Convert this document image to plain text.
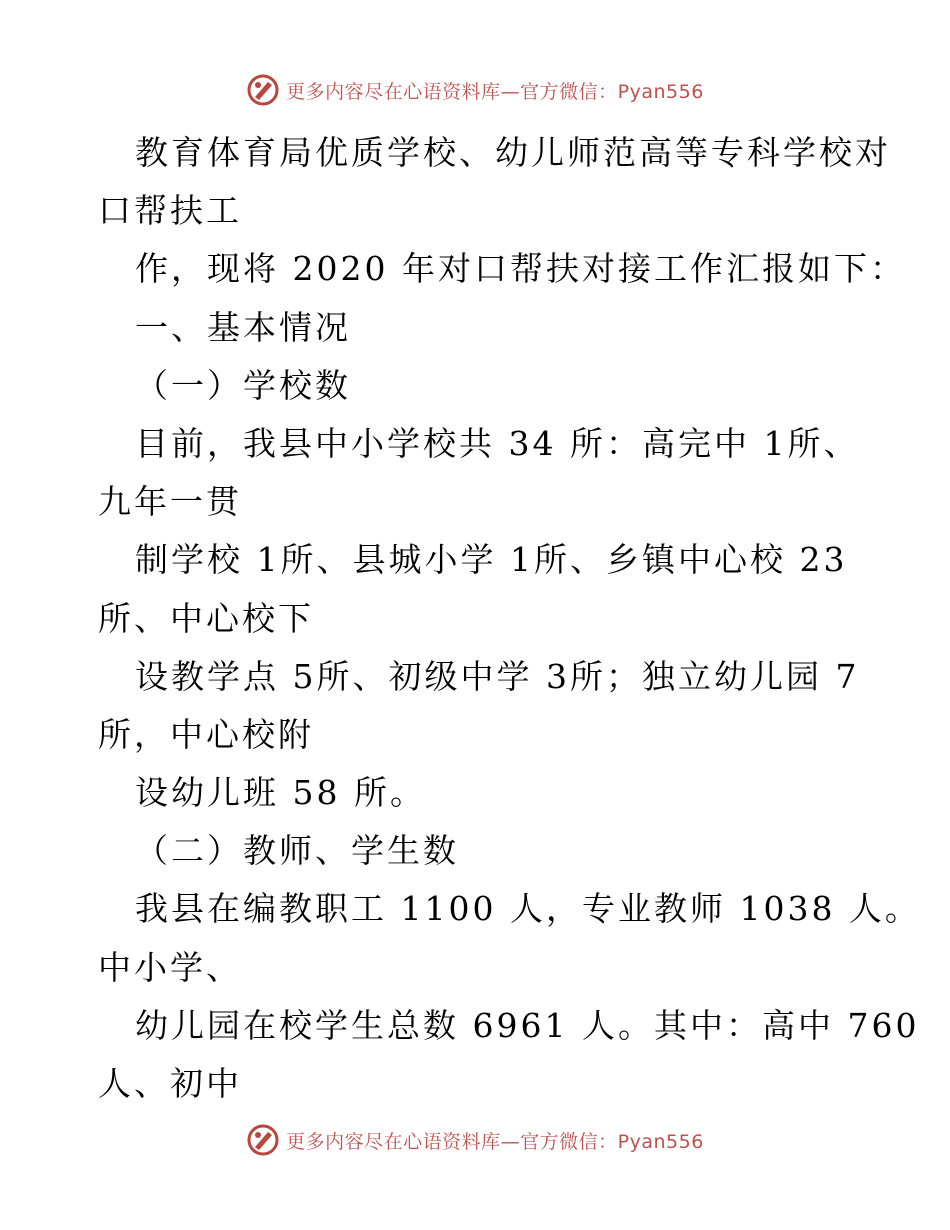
更多内容尽在心语资料库—官方微信：Pyan556
教育体育局优质学校、幼儿师范高等专科学校对
口帮扶工
作，现将 2020 年对口帮扶对接工作汇报如下：
一、基本情况
（一）学校数
目前，我县中小学校共 34 所：高完中 1所、
九年一贯
制学校 1所、县城小学 1所、乡镇中心校 23
所、中心校下
设教学点 5所、初级中学 3所；独立幼儿园 7
所，中心校附
设幼儿班 58 所。
（二）教师、学生数
我县在编教职工 1100 人，专业教师 1038 人。
中小学、
幼儿园在校学生总数 6961 人。其中：高中 760
人、初中
更多内容尽在心语资料库—官方微信：Pyan556
